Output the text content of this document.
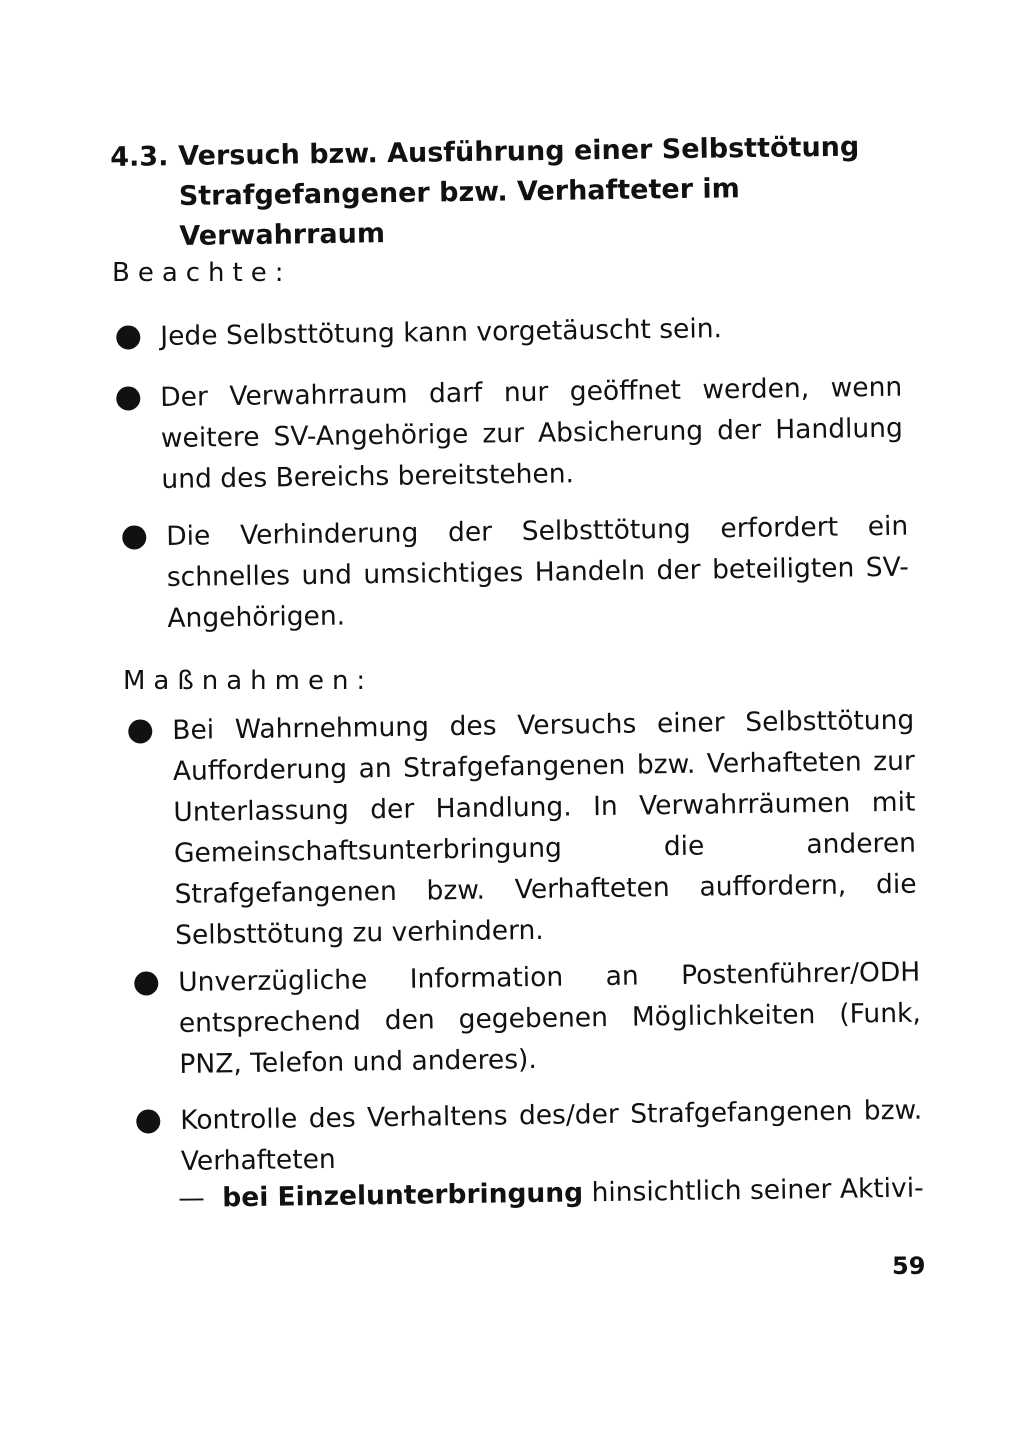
4.3. Versuch bzw. Ausführung einer Selbsttötung
Strafgefangener bzw. Verhafteter im Verwahrraum
Beachte:
Jede Selbsttötung kann vorgetäuscht sein.
Der Verwahrraum darf nur geöffnet werden, wenn weitere SV-Angehörige zur Absicherung der Handlung und des Bereichs bereitstehen.
Die Verhinderung der Selbsttötung erfordert ein schnelles und umsichtiges Handeln der beteiligten SV-Angehörigen.
Maßnahmen:
Bei Wahrnehmung des Versuchs einer Selbsttötung Aufforderung an Strafgefangenen bzw. Verhafteten zur Unterlassung der Handlung. In Verwahrräumen mit Gemeinschaftsunterbringung die anderen Strafgefangenen bzw. Verhafteten auffordern, die Selbsttötung zu verhindern.
Unverzügliche Information an Postenführer/ODH entsprechend den gegebenen Möglichkeiten (Funk, PNZ, Telefon und anderes).
Kontrolle des Verhaltens des/der Strafgefangenen bzw. Verhafteten
— bei Einzelunterbringung hinsichtlich seiner Aktivi-
59
